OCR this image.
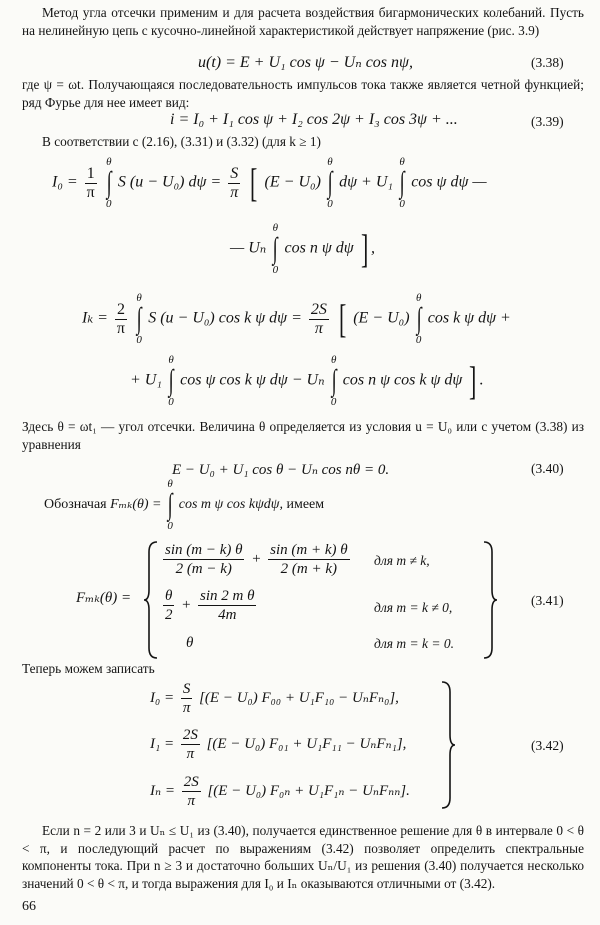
Метод угла отсечки применим и для расчета воздействия бигармонических колебаний. Пусть на нелинейную цепь с кусочно-линейной характеристикой действует напряжение (рис. 3.9)
u(t) = E + U₁ cos ψ − Uₙ cos nψ,	(3.38)
где ψ = ωt. Получающаяся последовательность импульсов тока также является четной функцией; ряд Фурье для нее имеет вид:
i = I₀ + I₁ cos ψ + I₂ cos 2ψ + I₃ cos 3ψ + ...	(3.39)
В соответствии с (2.16), (3.31) и (3.32) (для k ≥ 1)
$I_0 = \frac{1}{\pi}$

θ
∫
0
S (u − U₀) $d\psi = \frac{S}{\pi}$ [ (E − U₀)
θ
∫
0
dψ + U₁
θ
∫
0
cos ψ dψ —
— Uₙ
θ
∫
0
cos n ψ dψ ] ,
$I_k = \frac{2}{\pi}$

θ
∫
0
S (u − U₀) cos k ψ $d\psi = \frac{2S}{\pi}$ [ (E − U₀)
θ
∫
0
cos k ψ dψ +
+ U₁
θ
∫
0
cos ψ cos k ψ dψ − Uₙ
θ
∫
0
cos n ψ cos k ψ dψ ] .
Здесь θ = ωt₁ — угол отсечки. Величина θ определяется из условия u = U₀ или с учетом (3.38) из уравнения
E − U₀ + U₁ cos θ − Uₙ cos nθ = 0.	(3.40)
Обозначая Fₘₖ(θ) =
θ
∫
0
cos m ψ cos kψdψ, имеем
Fₘₖ(θ) =
$\frac{\sin (m - k) \theta}{2 (m - k)} + \frac{\sin (m + k) \theta}{2 (m + k)}$ для m ≠ k,
$\frac{\theta}{2} + \frac{\text{sin 2 m θ}}{4m}$	для m = k ≠ 0,
θ	для m = k = 0.
(3.41)
Теперь можем записать
$I_0 = \frac{S}{\pi} [(E - U_0) F_{00} + U_1F_{10} - U_nF_{n0}]$,
$I_1 = \frac{2S}{\pi} [(E - U_0) F_{01} + U_1F_{11} - U_nF_{n1}]$,
$I_n = \frac{2S}{\pi} [(E - U_0) F_{0n} + U_1F_{1n} - U_nF_{nn}]$.
(3.42)
Если n = 2 или 3 и Uₙ ≤ U₁ из (3.40), получается единственное решение для θ в интервале 0 < θ < π, и последующий расчет по выражениям (3.42) позволяет определить спектральные компоненты тока. При n ≥ 3 и достаточно больших Uₙ/U₁ из решения (3.40) получается несколько значений 0 < θ < π, и тогда выражения для I₀ и Iₙ оказываются отличными от (3.42).
66
